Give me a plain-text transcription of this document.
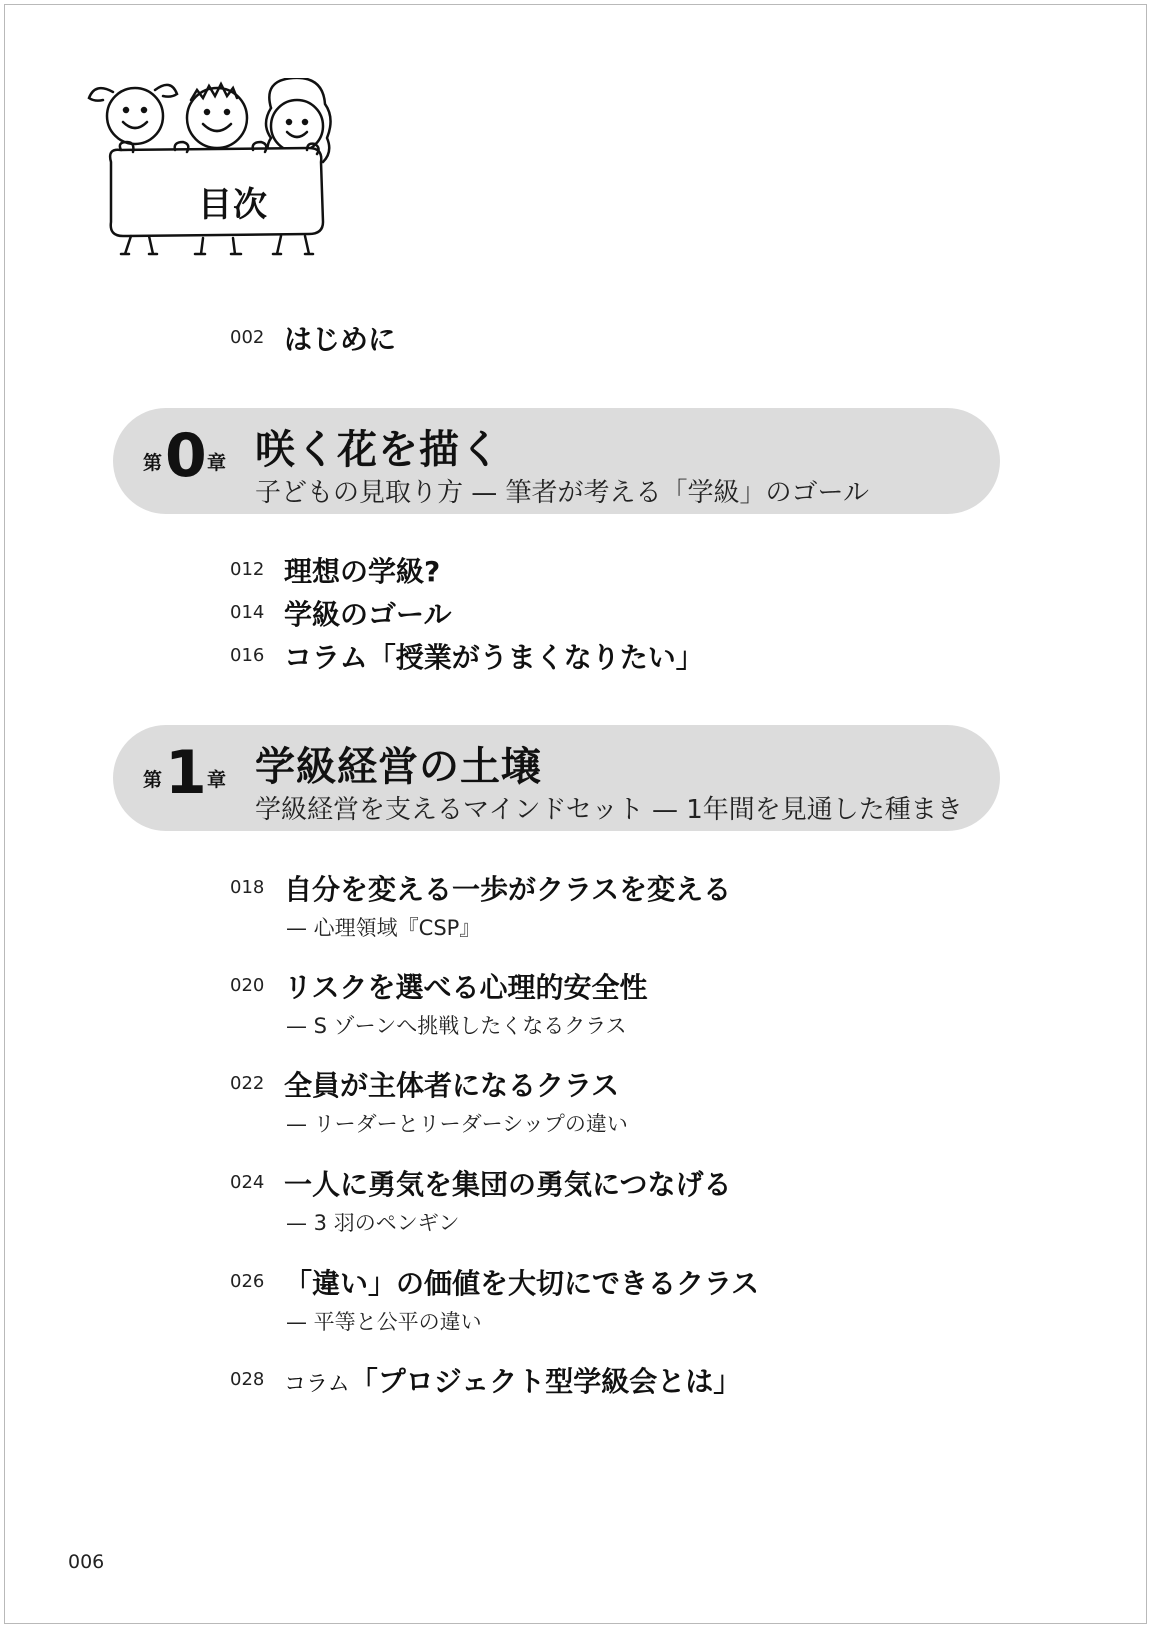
目次
002 はじめに
第 0 章 咲く花を描く
子どもの見取り方 — 筆者が考える「学級」のゴール
012 理想の学級?
014 学級のゴール
016 コラム「授業がうまくなりたい」
第 1 章 学級経営の土壌
学級経営を支えるマインドセット — 1年間を見通した種まき
018 自分を変える一歩がクラスを変える
— 心理領域『CSP』
020 リスクを選べる心理的安全性
— S ゾーンへ挑戦したくなるクラス
022 全員が主体者になるクラス
— リーダーとリーダーシップの違い
024 一人に勇気を集団の勇気につなげる
— 3 羽のペンギン
026 「違い」の価値を大切にできるクラス
— 平等と公平の違い
028 コラム「プロジェクト型学級会とは」
006
